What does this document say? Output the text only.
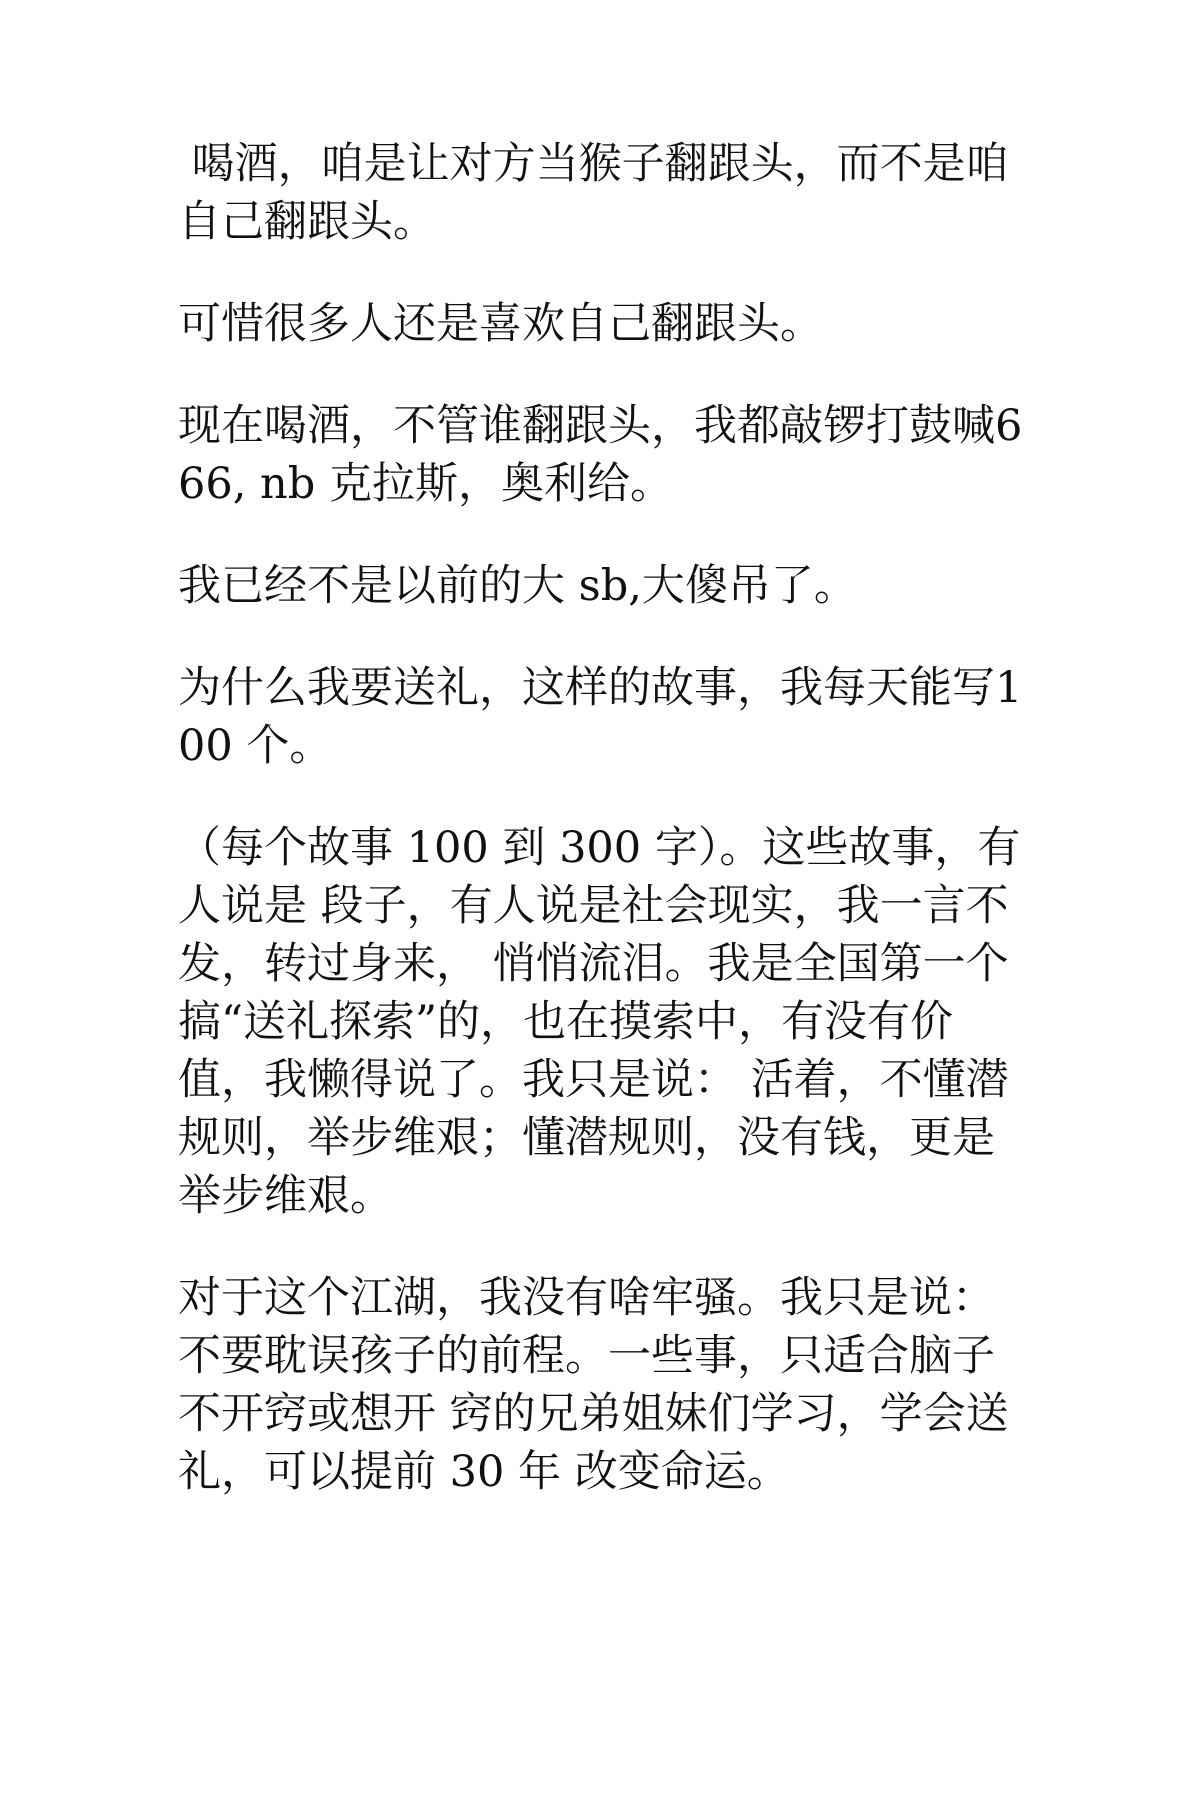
喝酒，咱是让对方当猴子翻跟头，而不是咱自己翻跟头。

可惜很多人还是喜欢自己翻跟头。

现在喝酒，不管谁翻跟头，我都敲锣打鼓喊666, nb 克拉斯，奥利给。

我已经不是以前的大 sb,大傻吊了。

为什么我要送礼，这样的故事，我每天能写100 个。

（每个故事 100 到 300 字）。这些故事，有人说是 段子，有人说是社会现实，我一言不发，转过身来， 悄悄流泪。我是全国第一个搞“送礼探索”的，也在摸索中，有没有价值，我懒得说了。我只是说： 活着，不懂潜规则，举步维艰；懂潜规则，没有钱，更是举步维艰。

对于这个江湖，我没有啥牢骚。我只是说：不要耽误孩子的前程。一些事，只适合脑子不开窍或想开 窍的兄弟姐妹们学习，学会送礼，可以提前 30 年 改变命运。
